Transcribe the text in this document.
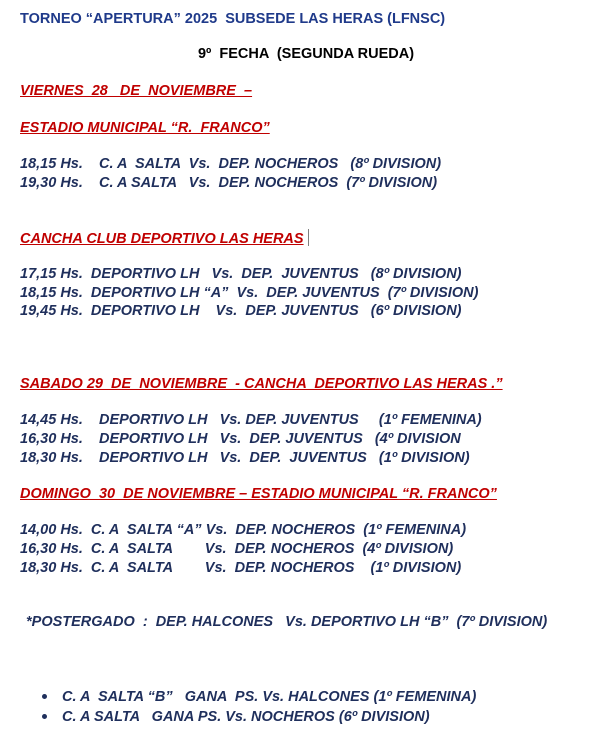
TORNEO “APERTURA” 2025  SUBSEDE LAS HERAS (LFNSC)
9º  FECHA  (SEGUNDA RUEDA)
VIERNES  28   DE  NOVIEMBRE  –
ESTADIO MUNICIPAL “R.  FRANCO”
18,15 Hs.    C. A  SALTA  Vs.  DEP. NOCHEROS   (8º DIVISION)
19,30 Hs.    C. A SALTA   Vs.  DEP. NOCHEROS  (7º DIVISION)
CANCHA CLUB DEPORTIVO LAS HERAS
17,15 Hs.  DEPORTIVO LH   Vs.  DEP.  JUVENTUS   (8º DIVISION)
18,15 Hs.  DEPORTIVO LH “A”  Vs.  DEP. JUVENTUS  (7º DIVISION)
19,45 Hs.  DEPORTIVO LH    Vs.  DEP. JUVENTUS   (6º DIVISION)
SABADO 29  DE  NOVIEMBRE  - CANCHA  DEPORTIVO LAS HERAS .”
14,45 Hs.    DEPORTIVO LH   Vs. DEP. JUVENTUS     (1º FEMENINA)
16,30 Hs.    DEPORTIVO LH   Vs.  DEP. JUVENTUS   (4º DIVISION
18,30 Hs.    DEPORTIVO LH   Vs.  DEP.  JUVENTUS   (1º DIVISION)
DOMINGO  30  DE NOVIEMBRE – ESTADIO MUNICIPAL “R. FRANCO”
14,00 Hs.  C. A  SALTA “A” Vs.  DEP. NOCHEROS  (1º FEMENINA)
16,30 Hs.  C. A  SALTA        Vs.  DEP. NOCHEROS  (4º DIVISION)
18,30 Hs.  C. A  SALTA        Vs.  DEP. NOCHEROS    (1º DIVISION)
*POSTERGADO  :  DEP. HALCONES   Vs. DEPORTIVO LH “B”  (7º DIVISION)
C. A  SALTA “B”   GANA  PS. Vs. HALCONES (1º FEMENINA)
C. A SALTA   GANA PS. Vs. NOCHEROS (6º DIVISION)
